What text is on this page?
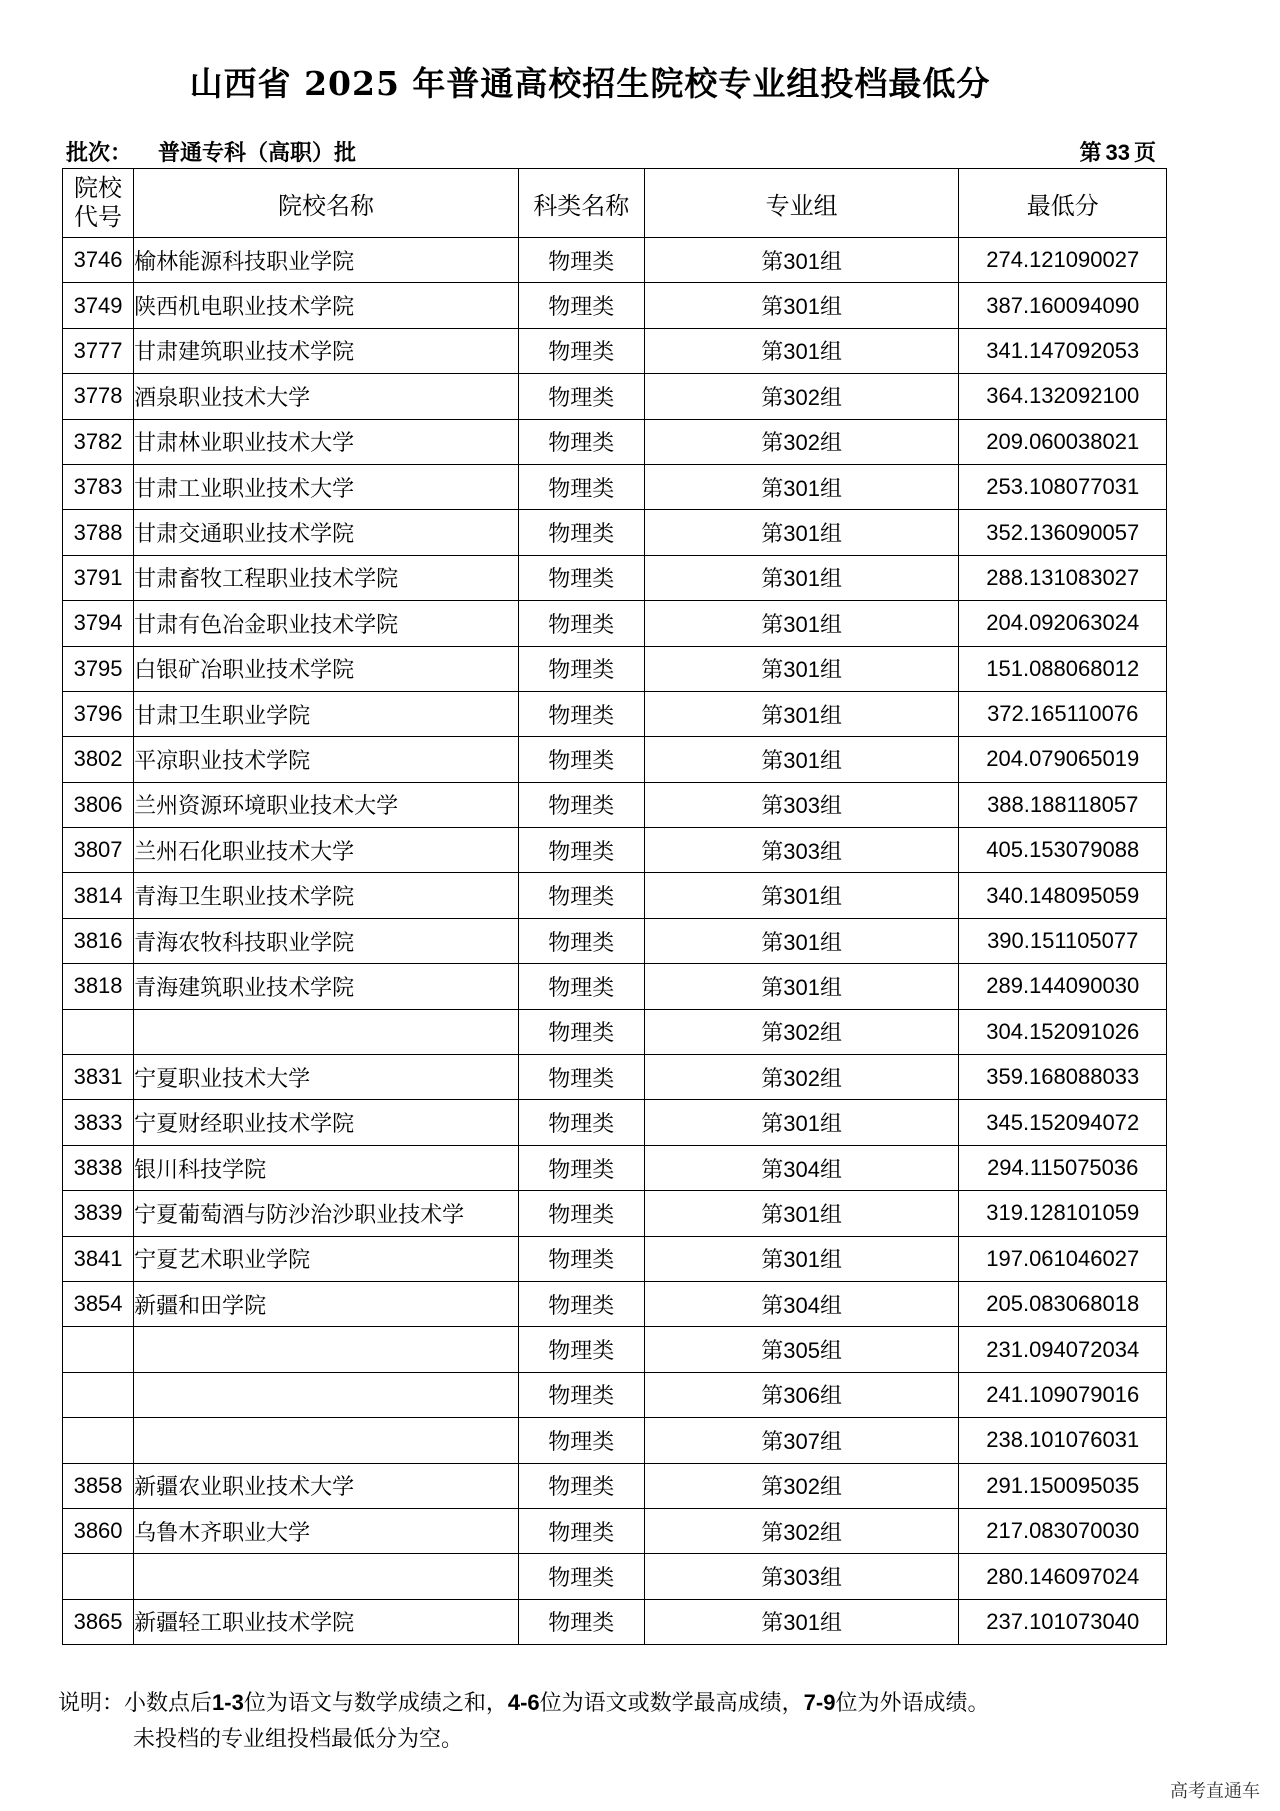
山西省 2025 年普通高校招生院校专业组投档最低分
批次： 普通专科（高职）批	第 33 页
院校
代号	院校名称	科类名称	专业组	最低分
3746	榆林能源科技职业学院	物理类	第301组	274.121090027
3749	陕西机电职业技术学院	物理类	第301组	387.160094090
3777	甘肃建筑职业技术学院	物理类	第301组	341.147092053
3778	酒泉职业技术大学	物理类	第302组	364.132092100
3782	甘肃林业职业技术大学	物理类	第302组	209.060038021
3783	甘肃工业职业技术大学	物理类	第301组	253.108077031
3788	甘肃交通职业技术学院	物理类	第301组	352.136090057
3791	甘肃畜牧工程职业技术学院	物理类	第301组	288.131083027
3794	甘肃有色冶金职业技术学院	物理类	第301组	204.092063024
3795	白银矿冶职业技术学院	物理类	第301组	151.088068012
3796	甘肃卫生职业学院	物理类	第301组	372.165110076
3802	平凉职业技术学院	物理类	第301组	204.079065019
3806	兰州资源环境职业技术大学	物理类	第303组	388.188118057
3807	兰州石化职业技术大学	物理类	第303组	405.153079088
3814	青海卫生职业技术学院	物理类	第301组	340.148095059
3816	青海农牧科技职业学院	物理类	第301组	390.151105077
3818	青海建筑职业技术学院	物理类	第301组	289.144090030
		物理类	第302组	304.152091026
3831	宁夏职业技术大学	物理类	第302组	359.168088033
3833	宁夏财经职业技术学院	物理类	第301组	345.152094072
3838	银川科技学院	物理类	第304组	294.115075036
3839	宁夏葡萄酒与防沙治沙职业技术学	物理类	第301组	319.128101059
3841	宁夏艺术职业学院	物理类	第301组	197.061046027
3854	新疆和田学院	物理类	第304组	205.083068018
		物理类	第305组	231.094072034
		物理类	第306组	241.109079016
		物理类	第307组	238.101076031
3858	新疆农业职业技术大学	物理类	第302组	291.150095035
3860	乌鲁木齐职业大学	物理类	第302组	217.083070030
		物理类	第303组	280.146097024
3865	新疆轻工职业技术学院	物理类	第301组	237.101073040
说明：小数点后1-3位为语文与数学成绩之和，4-6位为语文或数学最高成绩，7-9位为外语成绩。
未投档的专业组投档最低分为空。
高考直通车
